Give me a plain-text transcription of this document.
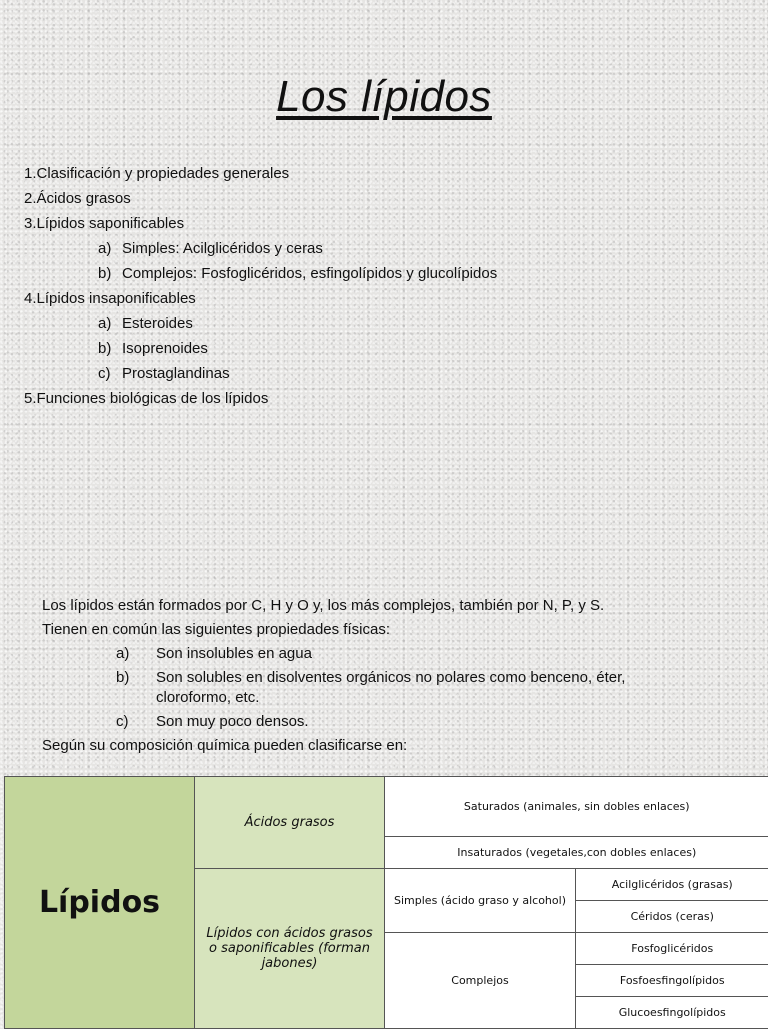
Los lípidos
1.Clasificación y propiedades generales
2.Ácidos grasos
3.Lípidos saponificables
a) Simples: Acilglicéridos y ceras
b) Complejos: Fosfoglicéridos, esfingolípidos y glucolípidos
4.Lípidos insaponificables
a) Esteroides
b) Isoprenoides
c) Prostaglandinas
5.Funciones biológicas de los lípidos

Los lípidos están formados por C, H y O y, los más complejos, también por N, P, y S.

Tienen en común las siguientes propiedades físicas:

a)	Son insolubles en agua
b)	Son solubles en disolventes orgánicos no polares como benceno, éter, cloroformo, etc.
c)	Son muy poco densos.

Según su composición química pueden clasificarse en:

Lípidos	Ácidos grasos	Saturados (animales, sin dobles enlaces)	
		Insaturados (vegetales,con dobles enlaces)	
	Lípidos con ácidos grasos o saponificables (forman jabones)	Simples (ácido graso y alcohol)	Acilglicéridos (grasas)
			Céridos (ceras)
		Complejos	Fosfoglicéridos
			Fosfoesfingolípidos
			Glucoesfingolípidos
